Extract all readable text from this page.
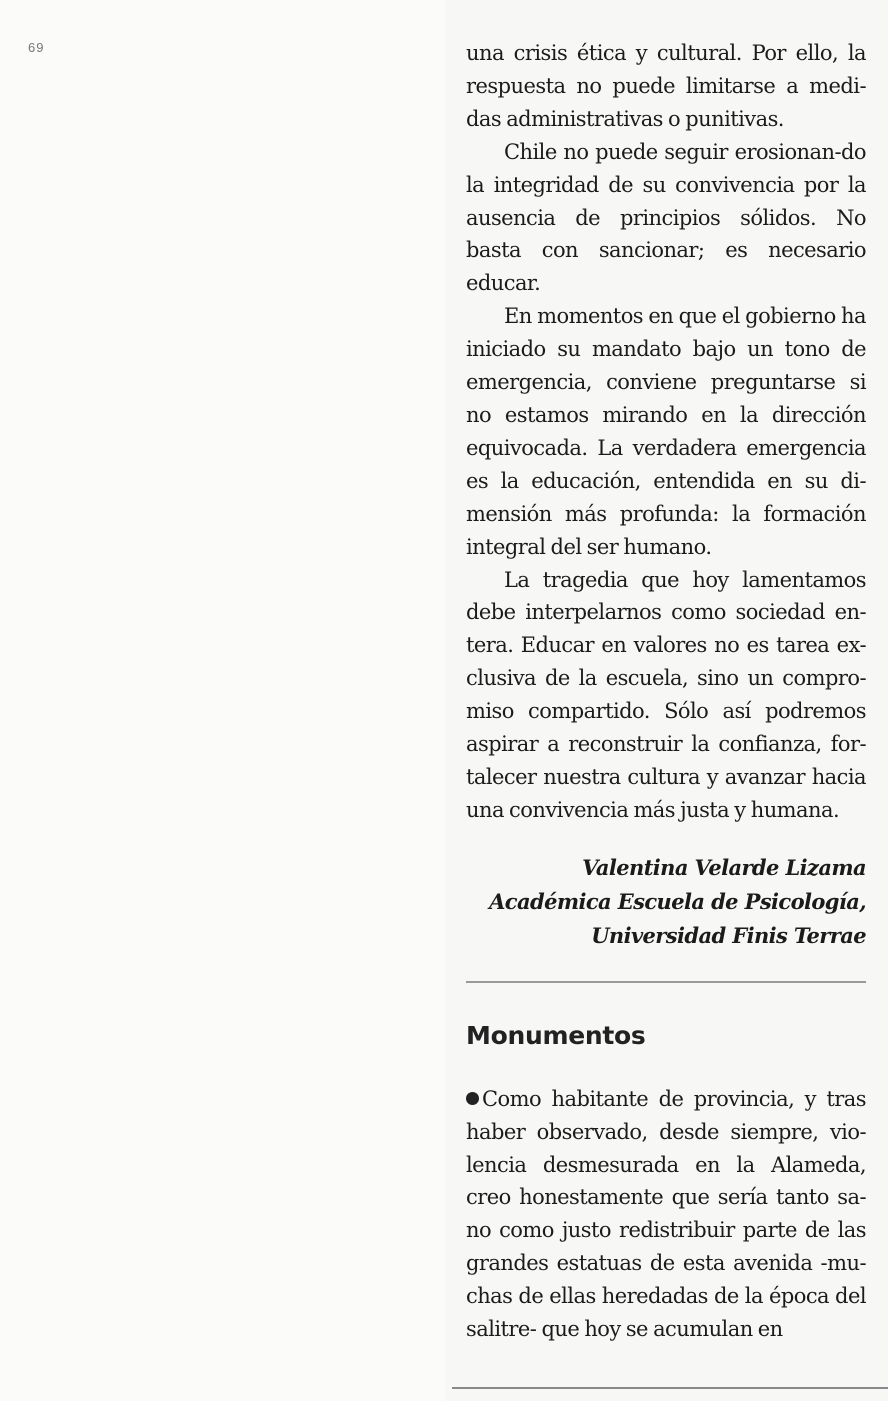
69	una crisis ética y cultural. Por ello, la respuesta no puede limitarse a medi-das administrativas o punitivas.

Chile no puede seguir erosionan-do la integridad de su convivencia por la ausencia de principios sólidos. No basta con sancionar; es necesario educar.

En momentos en que el gobierno ha iniciado su mandato bajo un tono de emergencia, conviene preguntarse si no estamos mirando en la dirección equivocada. La verdadera emergencia es la educación, entendida en su di-mensión más profunda: la formación integral del ser humano.

La tragedia que hoy lamentamos debe interpelarnos como sociedad en-tera. Educar en valores no es tarea ex-clusiva de la escuela, sino un compro-miso compartido. Sólo así podremos aspirar a reconstruir la confianza, for-talecer nuestra cultura y avanzar hacia una convivencia más justa y humana.

Valentina Velarde Lizama
Académica Escuela de Psicología,
Universidad Finis Terrae
Monumentos

Como habitante de provincia, y tras haber observado, desde siempre, vio-lencia desmesurada en la Alameda, creo honestamente que sería tanto sa-no como justo redistribuir parte de las grandes estatuas de esta avenida -mu-chas de ellas heredadas de la época del salitre- que hoy se acumulan en
